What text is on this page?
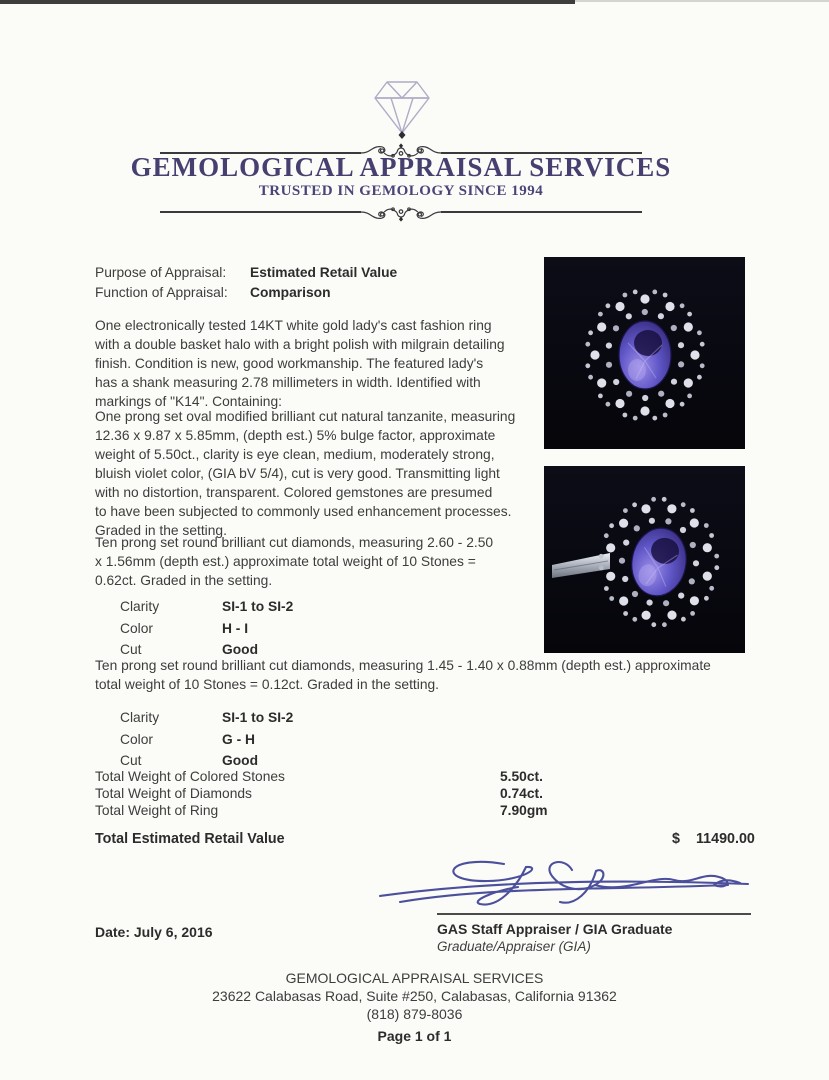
GEMOLOGICAL APPRAISAL SERVICES
TRUSTED IN GEMOLOGY SINCE 1994
Purpose of Appraisal:	Estimated Retail Value
Function of Appraisal:	Comparison
One electronically tested 14KT white gold lady's cast fashion ring
with a double basket halo with a bright polish with milgrain detailing
finish. Condition is new, good workmanship. The featured lady's
has a shank measuring 2.78 millimeters in width. Identified with
markings of "K14". Containing:
One prong set oval modified brilliant cut natural tanzanite, measuring
12.36 x 9.87 x 5.85mm, (depth est.) 5% bulge factor, approximate
weight of 5.50ct., clarity is eye clean, medium, moderately strong,
bluish violet color, (GIA bV 5/4), cut is very good. Transmitting light
with no distortion, transparent. Colored gemstones are presumed
to have been subjected to commonly used enhancement processes.
Graded in the setting.
Ten prong set round brilliant cut diamonds, measuring 2.60 - 2.50
x 1.56mm (depth est.) approximate total weight of 10 Stones =
0.62ct. Graded in the setting.
Clarity	SI-1 to SI-2
Color	H - I
Cut	Good
Ten prong set round brilliant cut diamonds, measuring 1.45 - 1.40 x 0.88mm (depth est.) approximate
total weight of 10 Stones = 0.12ct. Graded in the setting.
Clarity	SI-1 to SI-2
Color	G - H
Cut	Good
Total Weight of Colored Stones	5.50ct.
Total Weight of Diamonds	0.74ct.
Total Weight of Ring	7.90gm
Total Estimated Retail Value	$	11490.00
Date: July 6, 2016	GAS Staff Appraiser / GIA Graduate
Graduate/Appraiser (GIA)
GEMOLOGICAL APPRAISAL SERVICES
23622 Calabasas Road, Suite #250, Calabasas, California 91362
(818) 879-8036
Page 1 of 1
